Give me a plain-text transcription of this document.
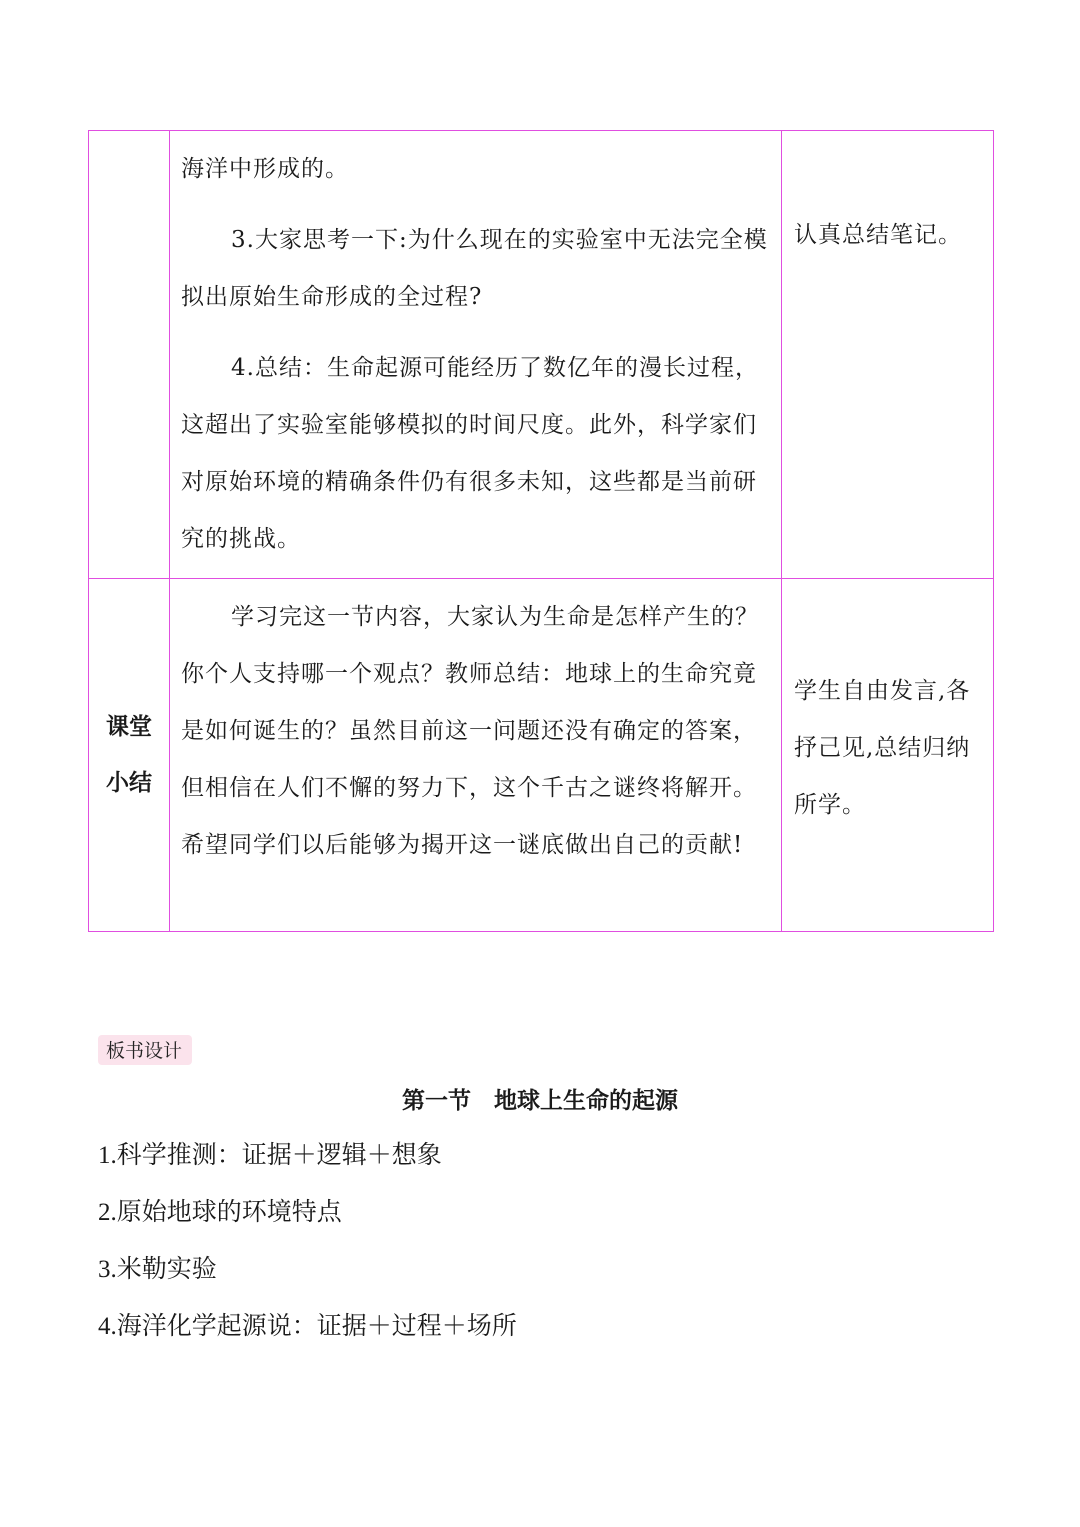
	海洋中形成的。

3.大家思考一下:为什么现在的实验室中无法完全模拟出原始生命形成的全过程?

4.总结：生命起源可能经历了数亿年的漫长过程，这超出了实验室能够模拟的时间尺度。此外，科学家们对原始环境的精确条件仍有很多未知，这些都是当前研究的挑战。	认真总结笔记。

课堂
小结	学习完这一节内容，大家认为生命是怎样产生的？你个人支持哪一个观点？教师总结：地球上的生命究竟是如何诞生的？虽然目前这一问题还没有确定的答案，但相信在人们不懈的努力下，这个千古之谜终将解开。希望同学们以后能够为揭开这一谜底做出自己的贡献!	学生自由发言,各抒己见,总结归纳所学。
板书设计
第一节　地球上生命的起源
1.科学推测：证据＋逻辑＋想象
2.原始地球的环境特点
3.米勒实验
4.海洋化学起源说：证据＋过程＋场所
